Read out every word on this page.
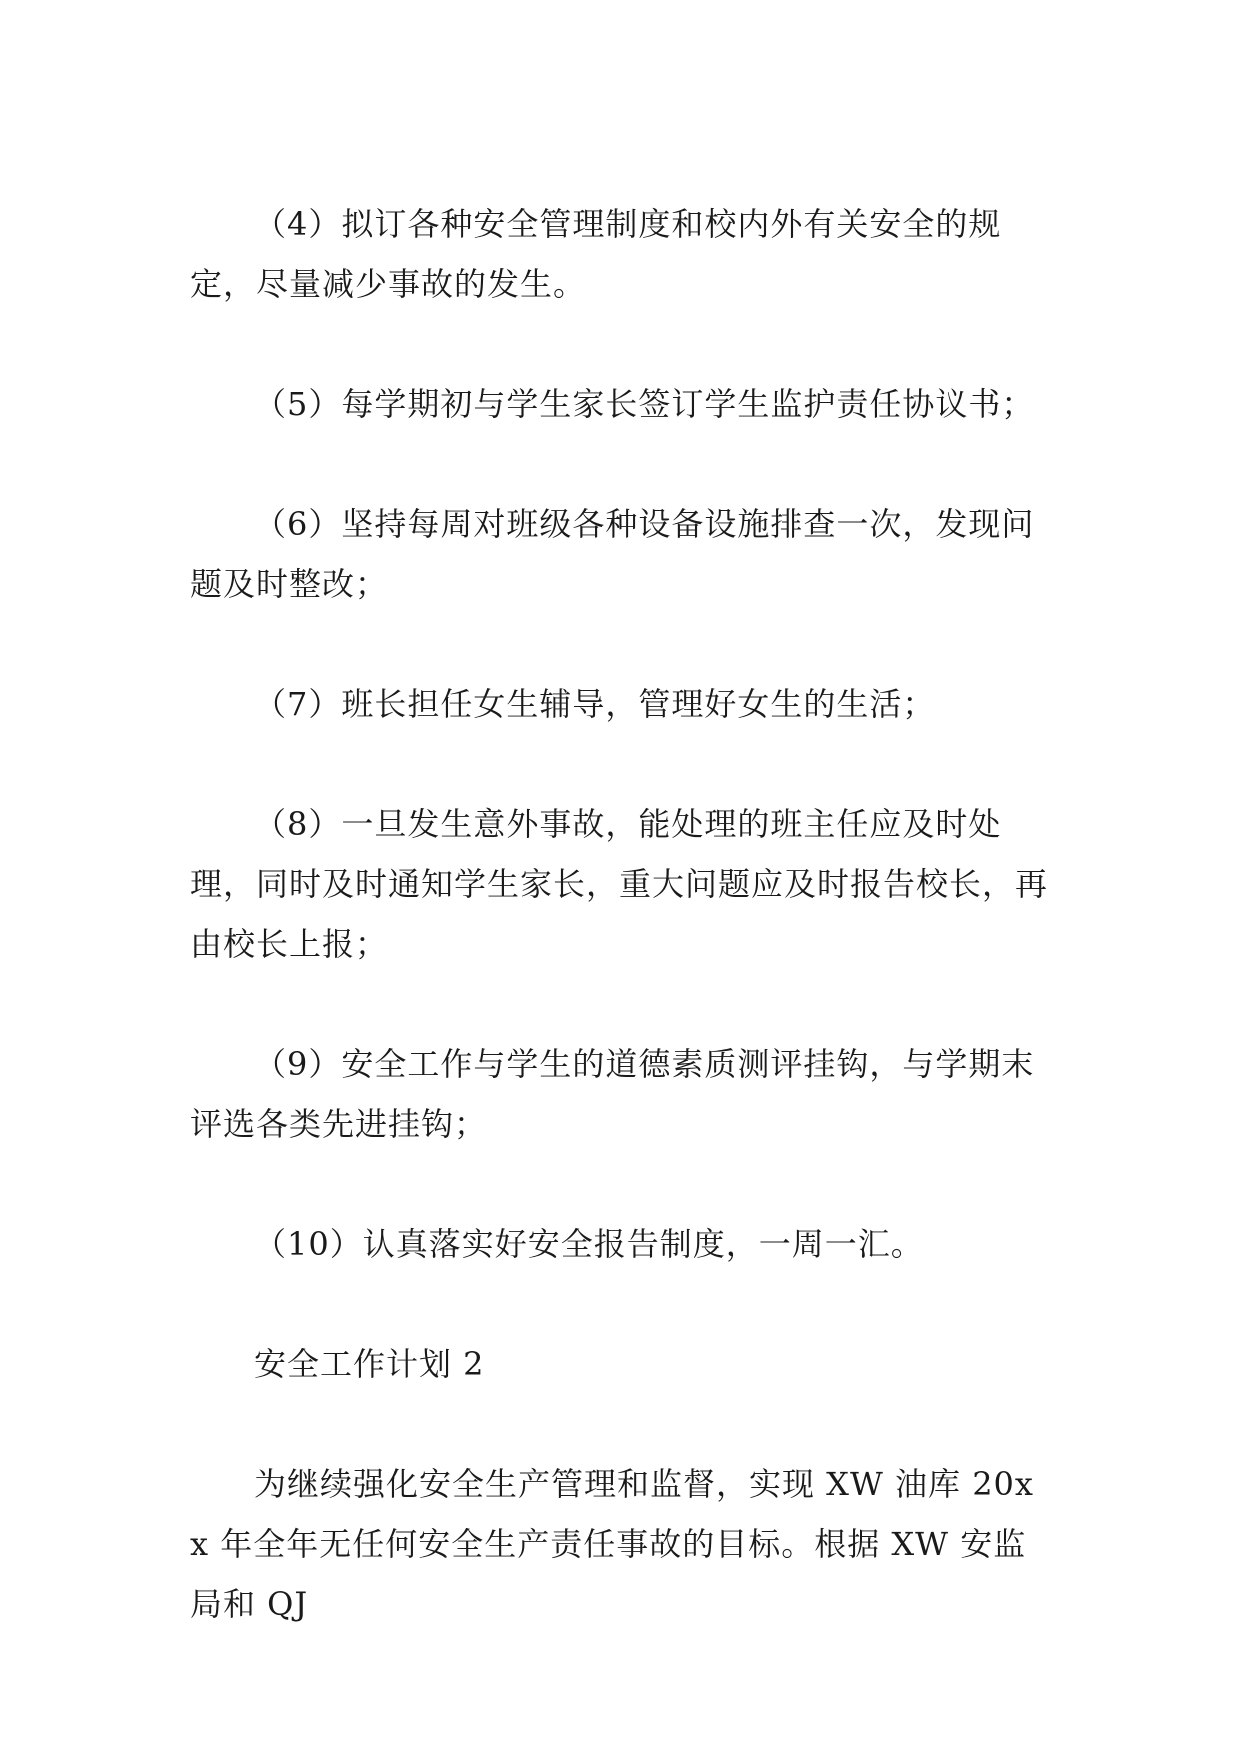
（4）拟订各种安全管理制度和校内外有关安全的规定，尽量减少事故的发生。

（5）每学期初与学生家长签订学生监护责任协议书；

（6）坚持每周对班级各种设备设施排查一次，发现问题及时整改；

（7）班长担任女生辅导，管理好女生的生活；

（8）一旦发生意外事故，能处理的班主任应及时处理，同时及时通知学生家长，重大问题应及时报告校长，再由校长上报；

（9）安全工作与学生的道德素质测评挂钩，与学期末评选各类先进挂钩；

（10）认真落实好安全报告制度，一周一汇。

安全工作计划 2

为继续强化安全生产管理和监督，实现 XW 油库 20xx 年全年无任何安全生产责任事故的目标。根据 XW 安监局和 QJ
